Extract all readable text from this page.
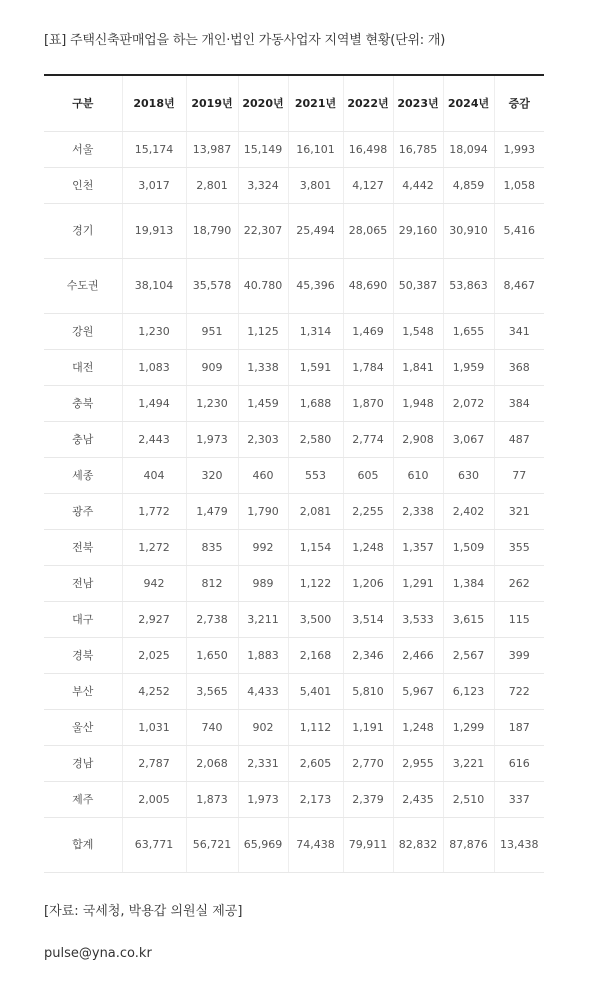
[표] 주택신축판매업을 하는 개인·법인 가동사업자 지역별 현황(단위: 개)
구분	2018년	2019년	2020년	2021년	2022년	2023년	2024년	증감
서울	15,174	13,987	15,149	16,101	16,498	16,785	18,094	1,993
인천	3,017	2,801	3,324	3,801	4,127	4,442	4,859	1,058
경기	19,913	18,790	22,307	25,494	28,065	29,160	30,910	5,416
수도권	38,104	35,578	40.780	45,396	48,690	50,387	53,863	8,467
강원	1,230	951	1,125	1,314	1,469	1,548	1,655	341
대전	1,083	909	1,338	1,591	1,784	1,841	1,959	368
충북	1,494	1,230	1,459	1,688	1,870	1,948	2,072	384
충남	2,443	1,973	2,303	2,580	2,774	2,908	3,067	487
세종	404	320	460	553	605	610	630	77
광주	1,772	1,479	1,790	2,081	2,255	2,338	2,402	321
전북	1,272	835	992	1,154	1,248	1,357	1,509	355
전남	942	812	989	1,122	1,206	1,291	1,384	262
대구	2,927	2,738	3,211	3,500	3,514	3,533	3,615	115
경북	2,025	1,650	1,883	2,168	2,346	2,466	2,567	399
부산	4,252	3,565	4,433	5,401	5,810	5,967	6,123	722
울산	1,031	740	902	1,112	1,191	1,248	1,299	187
경남	2,787	2,068	2,331	2,605	2,770	2,955	3,221	616
제주	2,005	1,873	1,973	2,173	2,379	2,435	2,510	337
합계	63,771	56,721	65,969	74,438	79,911	82,832	87,876	13,438
[자료: 국세청, 박용갑 의원실 제공]
pulse@yna.co.kr
